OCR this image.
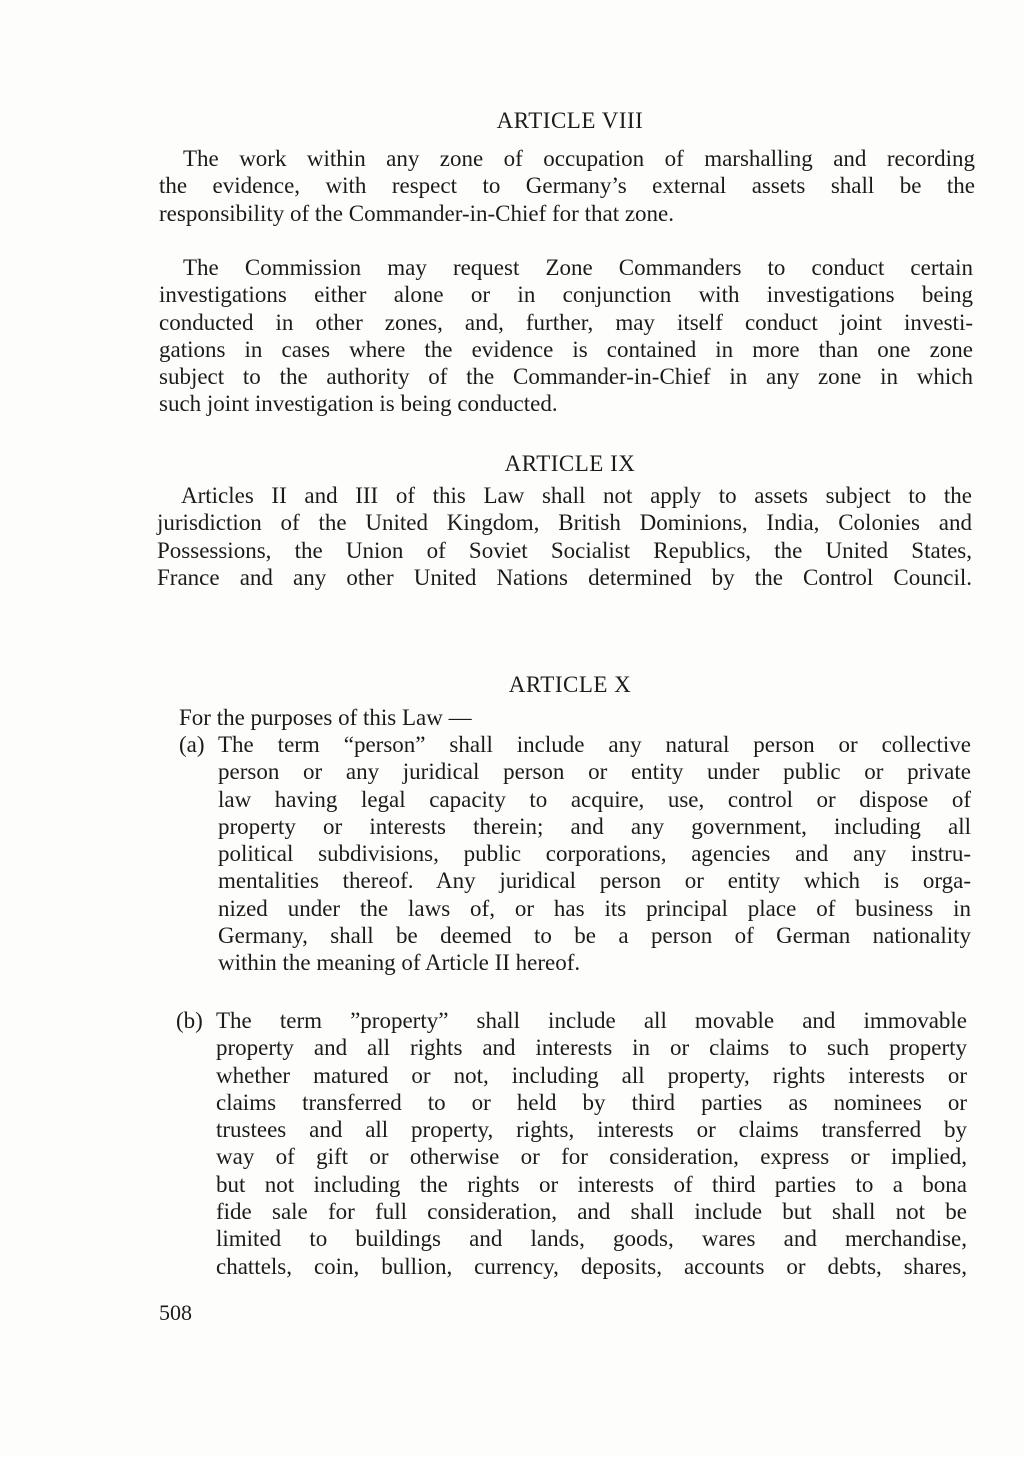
ARTICLE VIII
The work within any zone of occupation of marshalling and recording
the evidence, with respect to Germany’s external assets shall be the
responsibility of the Commander-in-Chief for that zone.
The Commission may request Zone Commanders to conduct certain
investigations either alone or in conjunction with investigations being
conducted in other zones, and, further, may itself conduct joint investi-
gations in cases where the evidence is contained in more than one zone
subject to the authority of the Commander-in-Chief in any zone in which
such joint investigation is being conducted.
ARTICLE IX
Articles II and III of this Law shall not apply to assets subject to the
jurisdiction of the United Kingdom, British Dominions, India, Colonies and
Possessions, the Union of Soviet Socialist Republics, the United States,
France and any other United Nations determined by the Control Council.
ARTICLE X
For the purposes of this Law —
(a) The term “person” shall include any natural person or collective
person or any juridical person or entity under public or private
law having legal capacity to acquire, use, control or dispose of
property or interests therein; and any government, including all
political subdivisions, public corporations, agencies and any instru-
mentalities thereof. Any juridical person or entity which is orga-
nized under the laws of, or has its principal place of business in
Germany, shall be deemed to be a person of German nationality
within the meaning of Article II hereof.
(b) The term ”property” shall include all movable and immovable
property and all rights and interests in or claims to such property
whether matured or not, including all property, rights interests or
claims transferred to or held by third parties as nominees or
trustees and all property, rights, interests or claims transferred by
way of gift or otherwise or for consideration, express or implied,
but not including the rights or interests of third parties to a bona
fide sale for full consideration, and shall include but shall not be
limited to buildings and lands, goods, wares and merchandise,
chattels, coin, bullion, currency, deposits, accounts or debts, shares,
508
